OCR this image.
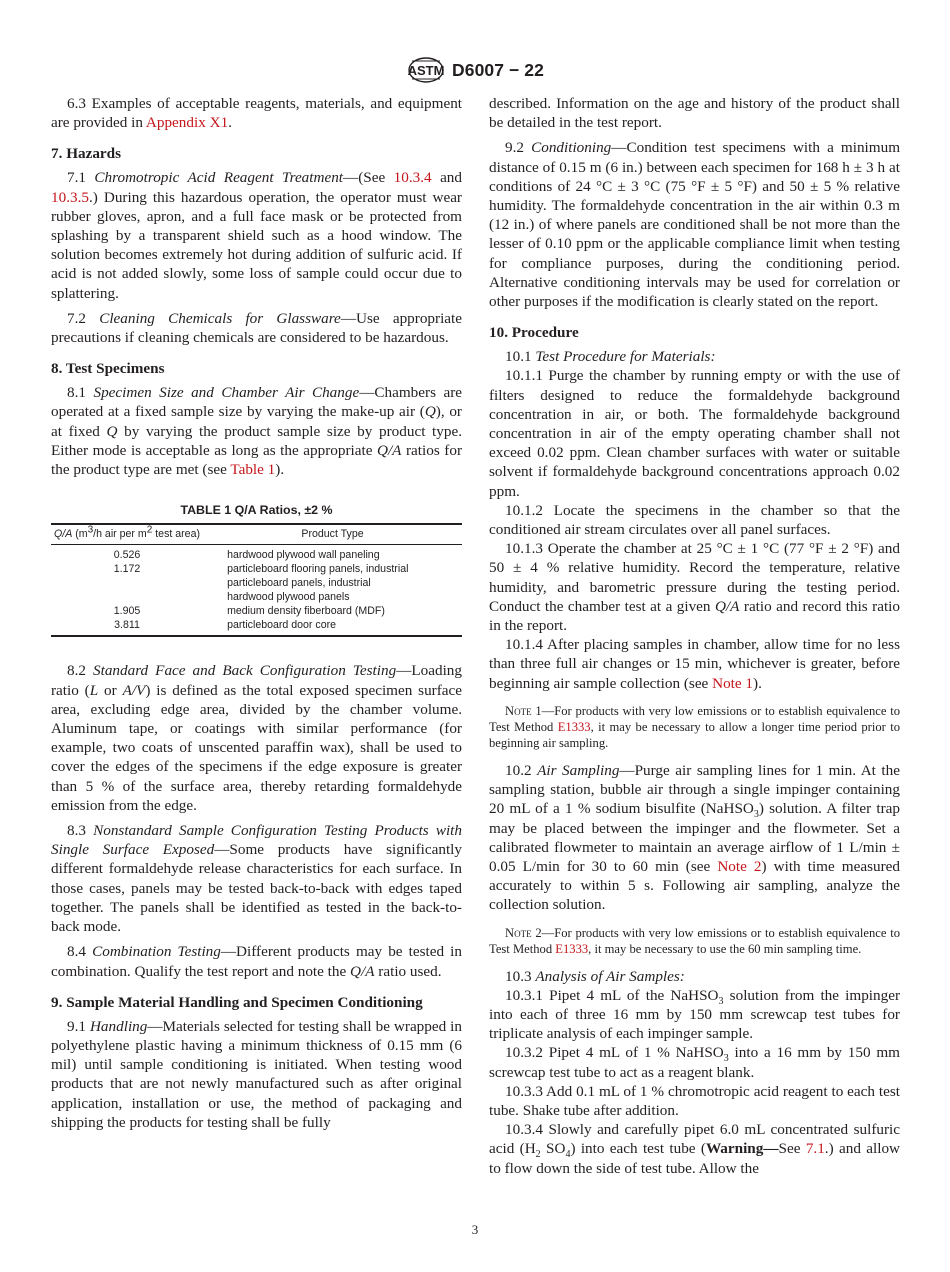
ASTM D6007 − 22

6.3 Examples of acceptable reagents, materials, and equipment are provided in Appendix X1.

7. Hazards

7.1 Chromotropic Acid Reagent Treatment—(See 10.3.4 and 10.3.5.) During this hazardous operation, the operator must wear rubber gloves, apron, and a full face mask or be protected from splashing by a transparent shield such as a hood window. The solution becomes extremely hot during addition of sulfuric acid. If acid is not added slowly, some loss of sample could occur due to splattering.

7.2 Cleaning Chemicals for Glassware—Use appropriate precautions if cleaning chemicals are considered to be hazardous.

8. Test Specimens

8.1 Specimen Size and Chamber Air Change—Chambers are operated at a fixed sample size by varying the make-up air (Q), or at fixed Q by varying the product sample size by product type. Either mode is acceptable as long as the appropriate Q/A ratios for the product type are met (see Table 1).

TABLE 1 Q/A Ratios, ±2 %
Q/A ($m^3/h$ air per $m^2$ test area)	Product Type
0.526	hardwood plywood wall paneling
1.172	particleboard flooring panels, industrial
particleboard panels, industrial
hardwood plywood panels

1.905	medium density fiberboard (MDF)
3.811	particleboard door core

8.2 Standard Face and Back Configuration Testing—Loading ratio (L or A/V) is defined as the total exposed specimen surface area, excluding edge area, divided by the chamber volume. Aluminum tape, or coatings with similar performance (for example, two coats of unscented paraffin wax), shall be used to cover the edges of the specimens if the edge exposure is greater than 5 % of the surface area, thereby retarding formaldehyde emission from the edge.

8.3 Nonstandard Sample Configuration Testing Products with Single Surface Exposed—Some products have significantly different formaldehyde release characteristics for each surface. In those cases, panels may be tested back-to-back with edges taped together. The panels shall be identified as tested in the back-to-back mode.

8.4 Combination Testing—Different products may be tested in combination. Qualify the test report and note the Q/A ratio used.

9. Sample Material Handling and Specimen Conditioning

9.1 Handling—Materials selected for testing shall be wrapped in polyethylene plastic having a minimum thickness of 0.15 mm (6 mil) until sample conditioning is initiated. When testing wood products that are not newly manufactured such as after original application, installation or use, the method of packaging and shipping the products for testing shall be fully

described. Information on the age and history of the product shall be detailed in the test report.

9.2 Conditioning—Condition test specimens with a minimum distance of 0.15 m (6 in.) between each specimen for 168 h ± 3 h at conditions of 24 °C ± 3 °C (75 °F ± 5 °F) and 50 ± 5 % relative humidity. The formaldehyde concentration in the air within 0.3 m (12 in.) of where panels are conditioned shall be not more than the lesser of 0.10 ppm or the applicable compliance limit when testing for compliance purposes, during the conditioning period. Alternative conditioning intervals may be used for correlation or other purposes if the modification is clearly stated on the report.

10. Procedure

10.1 Test Procedure for Materials:

10.1.1 Purge the chamber by running empty or with the use of filters designed to reduce the formaldehyde background concentration in air, or both. The formaldehyde background concentration in air of the empty operating chamber shall not exceed 0.02 ppm. Clean chamber surfaces with water or suitable solvent if formaldehyde background concentrations approach 0.02 ppm.

10.1.2 Locate the specimens in the chamber so that the conditioned air stream circulates over all panel surfaces.

10.1.3 Operate the chamber at 25 °C ± 1 °C (77 °F ± 2 °F) and 50 ± 4 % relative humidity. Record the temperature, relative humidity, and barometric pressure during the testing period. Conduct the chamber test at a given Q/A ratio and record this ratio in the report.

10.1.4 After placing samples in chamber, allow time for no less than three full air changes or 15 min, whichever is greater, before beginning air sample collection (see Note 1).

Note 1—For products with very low emissions or to establish equivalence to Test Method E1333, it may be necessary to allow a longer time period prior to beginning air sampling.

10.2 Air Sampling—Purge air sampling lines for 1 min. At the sampling station, bubble air through a single impinger containing 20 mL of a 1 % sodium bisulfite (NaHSO$_3$) solution. A filter trap may be placed between the impinger and the flowmeter. Set a calibrated flowmeter to maintain an average airflow of 1 L/min ± 0.05 L/min for 30 to 60 min (see Note 2) with time measured accurately to within 5 s. Following air sampling, analyze the collection solution.

Note 2—For products with very low emissions or to establish equivalence to Test Method E1333, it may be necessary to use the 60 min sampling time.

10.3 Analysis of Air Samples:

10.3.1 Pipet 4 mL of the NaHSO$_3$ solution from the impinger into each of three 16 mm by 150 mm screwcap test tubes for triplicate analysis of each impinger sample.

10.3.2 Pipet 4 mL of 1 % NaHSO$_3$ into a 16 mm by 150 mm screwcap test tube to act as a reagent blank.

10.3.3 Add 0.1 mL of 1 % chromotropic acid reagent to each test tube. Shake tube after addition.

10.3.4 Slowly and carefully pipet 6.0 mL concentrated sulfuric acid ($H_2$ $SO_4$) into each test tube (Warning—See 7.1.) and allow to flow down the side of test tube. Allow the

3
